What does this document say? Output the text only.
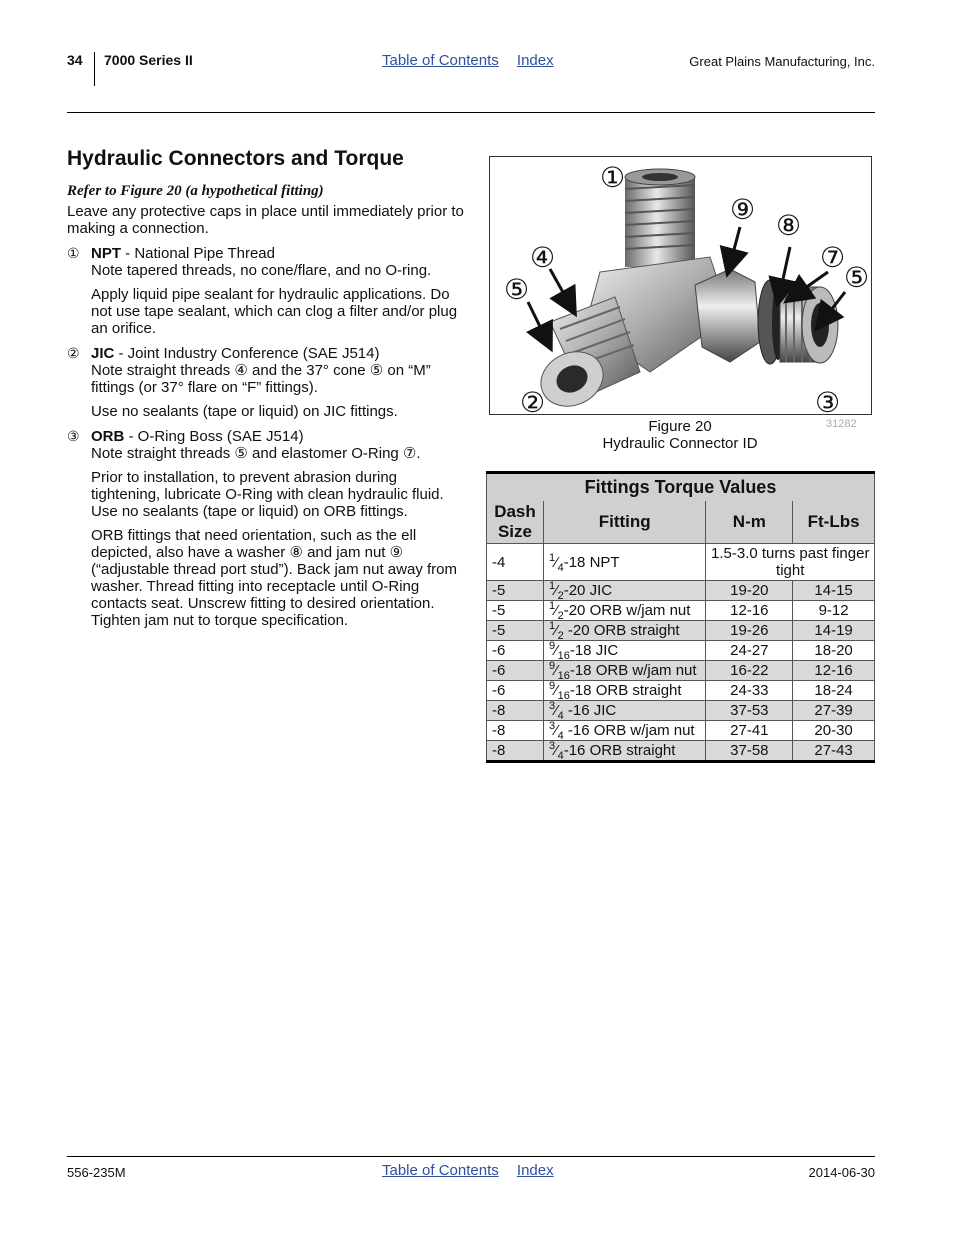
34 7000 Series II	Table of Contents Index	Great Plains Manufacturing, Inc.
Hydraulic Connectors and Torque

Refer to Figure 20 (a hypothetical fitting)

Leave any protective caps in place until immediately prior to making a connection.

① NPT - National Pipe Thread

Note tapered threads, no cone/flare, and no O-ring.

Apply liquid pipe sealant for hydraulic applications. Do not use tape sealant, which can clog a filter and/or plug an orifice.

② JIC - Joint Industry Conference (SAE J514)

Note straight threads ④ and the 37° cone ⑤ on “M” fittings (or 37° flare on “F” fittings).

Use no sealants (tape or liquid) on JIC fittings.

③ ORB - O-Ring Boss (SAE J514)

Note straight threads ⑤ and elastomer O-Ring ⑦.

Prior to installation, to prevent abrasion during tightening, lubricate O-Ring with clean hydraulic fluid. Use no sealants (tape or liquid) on ORB fittings.

ORB fittings that need orientation, such as the ell depicted, also have a washer ⑧ and jam nut ⑨ (“adjustable thread port stud”). Back jam nut away from washer. Thread fitting into receptacle until O-Ring contacts seat. Unscrew fitting to desired orientation. Tighten jam nut to torque specification.

①
⑨ ⑧
④	⑦
⑤	⑤
②	③
Figure 20
Hydraulic Connector ID
31282
Fittings Torque Values			
Dash Size	Fitting	N-m	Ft-Lbs
-4	$^1⁄_4-18$ NPT	1.5-3.0 turns past finger tight	
-5	$^1⁄_2-20$ JIC	19-20	14-15
-5	$^1⁄_2-20$ ORB w/jam nut	12-16	9-12
-5	$^1⁄_2$ -20 ORB straight	19-26	14-19
-6	$^9⁄_{16}-18$ JIC	24-27	18-20
-6	$^9⁄_{16}-18$ ORB w/jam nut	16-22	12-16
-6	$^9⁄_{16}-18$ ORB straight	24-33	18-24
-8	$^3⁄_4$ -16 JIC	37-53	27-39
-8	$^3⁄_4$ -16 ORB w/jam nut	27-41	20-30
-8	$^3⁄_4-16$ ORB straight	37-58	27-43
556-235M	Table of Contents Index	2014-06-30
